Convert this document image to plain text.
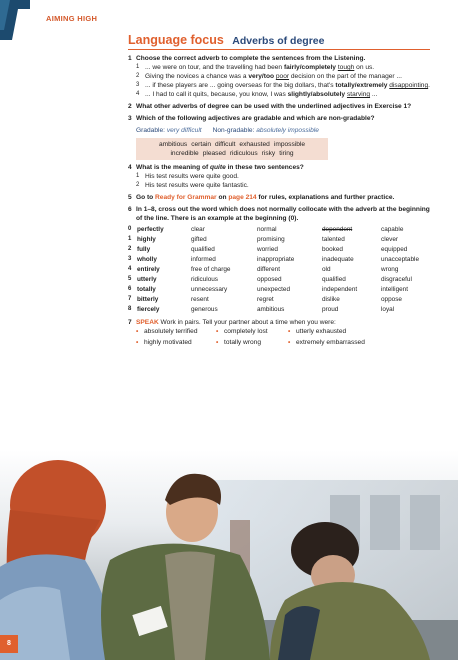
AIMING HIGH
Language focus Adverbs of degree
1 Choose the correct adverb to complete the sentences from the Listening.
1 ... we were on tour, and the travelling had been fairly/completely tough on us.
2 Giving the novices a chance was a very/too poor decision on the part of the manager ...
3 ... if these players are ... going overseas for the big dollars, that's totally/extremely disappointing.
4 ... I had to call it quits, because, you know, I was slightly/absolutely starving ...
2 What other adverbs of degree can be used with the underlined adjectives in Exercise 1?
3 Which of the following adjectives are gradable and which are non-gradable?
Gradable: very difficult Non-gradable: absolutely impossible
ambitious certain difficult exhausted impossible
incredible pleased ridiculous risky tiring
4 What is the meaning of quite in these two sentences?
1 His test results were quite good.
2 His test results were quite fantastic.
5 Go to Ready for Grammar on page 214 for rules, explanations and further practice.
6 In 1–8, cross out the word which does not normally collocate with the adverb at the beginning of the line. There is an example at the beginning (0).
0	perfectly	clear	normal	dependent	capable
1	highly	gifted	promising	talented	clever
2	fully	qualified	worried	booked	equipped
3	wholly	informed	inappropriate	inadequate	unacceptable
4	entirely	free of charge	different	old	wrong
5	utterly	ridiculous	opposed	qualified	disgraceful
6	totally	unnecessary	unexpected	independent	intelligent
7	bitterly	resent	regret	dislike	oppose
8	fiercely	generous	ambitious	proud	loyal
7 SPEAK Work in pairs. Tell your partner about a time when you were:
• absolutely terrified	• completely lost	• utterly exhausted
• highly motivated	• totally wrong	• extremely embarrassed
8
